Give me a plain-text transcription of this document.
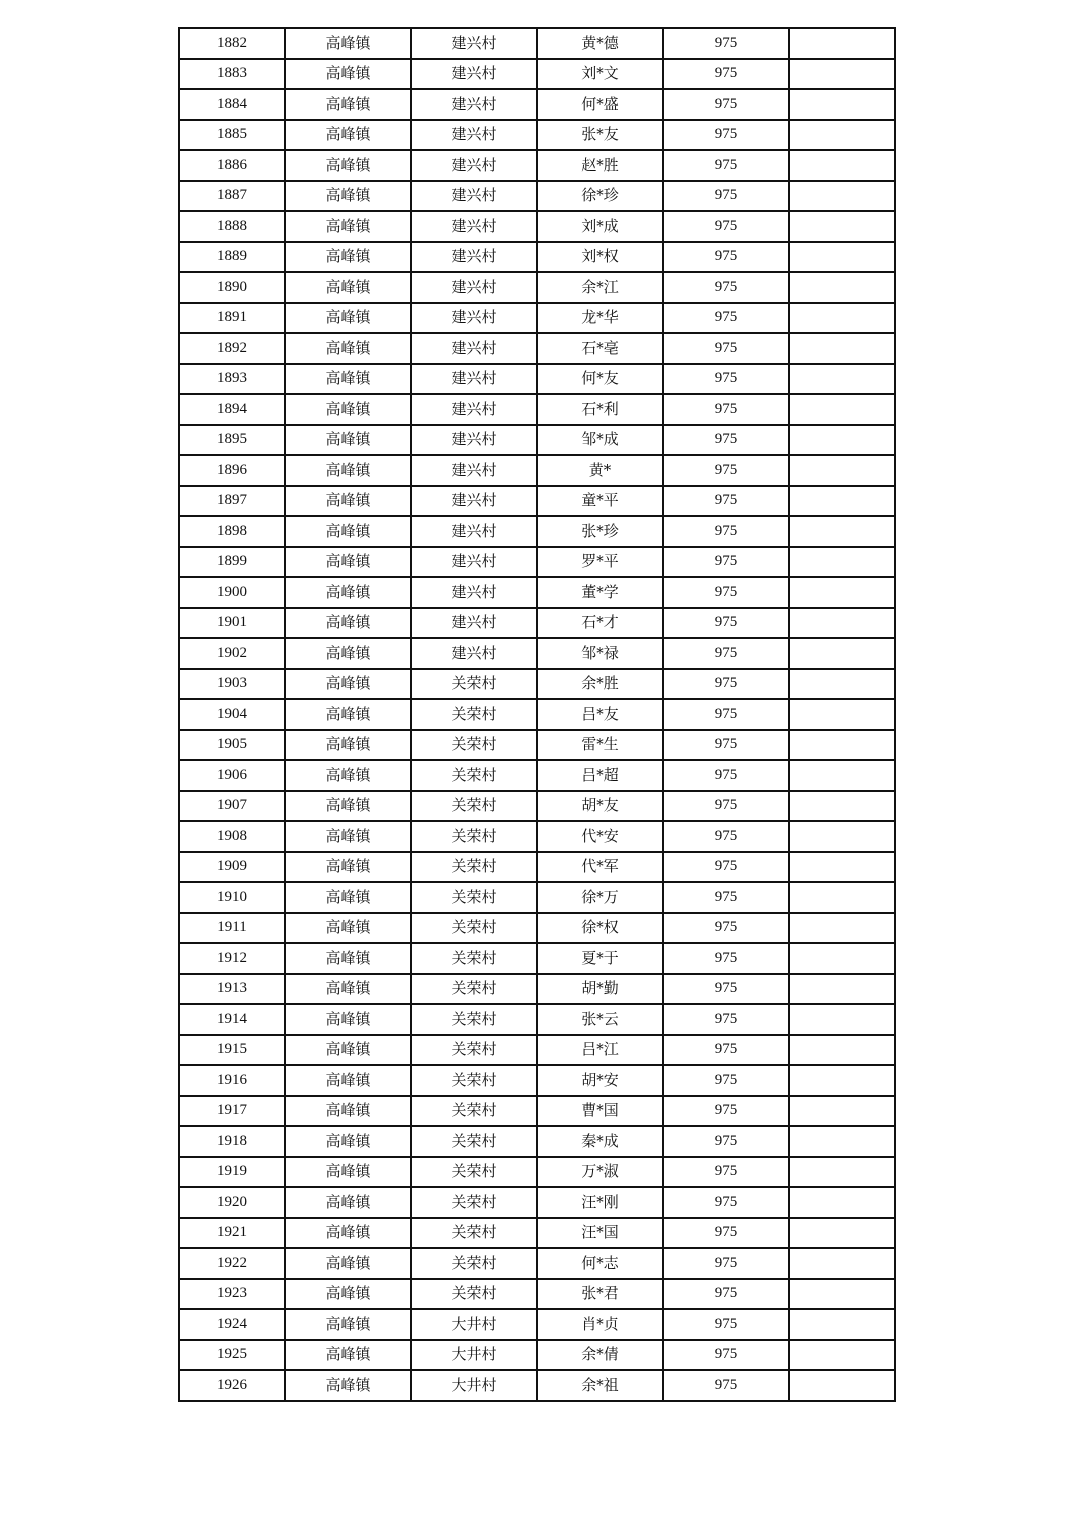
1882	高峰镇	建兴村	黄*德	975	
1883	高峰镇	建兴村	刘*文	975	
1884	高峰镇	建兴村	何*盛	975	
1885	高峰镇	建兴村	张*友	975	
1886	高峰镇	建兴村	赵*胜	975	
1887	高峰镇	建兴村	徐*珍	975	
1888	高峰镇	建兴村	刘*成	975	
1889	高峰镇	建兴村	刘*权	975	
1890	高峰镇	建兴村	余*江	975	
1891	高峰镇	建兴村	龙*华	975	
1892	高峰镇	建兴村	石*亳	975	
1893	高峰镇	建兴村	何*友	975	
1894	高峰镇	建兴村	石*利	975	
1895	高峰镇	建兴村	邹*成	975	
1896	高峰镇	建兴村	黄*	975	
1897	高峰镇	建兴村	童*平	975	
1898	高峰镇	建兴村	张*珍	975	
1899	高峰镇	建兴村	罗*平	975	
1900	高峰镇	建兴村	董*学	975	
1901	高峰镇	建兴村	石*才	975	
1902	高峰镇	建兴村	邹*禄	975	
1903	高峰镇	关荣村	余*胜	975	
1904	高峰镇	关荣村	吕*友	975	
1905	高峰镇	关荣村	雷*生	975	
1906	高峰镇	关荣村	吕*超	975	
1907	高峰镇	关荣村	胡*友	975	
1908	高峰镇	关荣村	代*安	975	
1909	高峰镇	关荣村	代*军	975	
1910	高峰镇	关荣村	徐*万	975	
1911	高峰镇	关荣村	徐*权	975	
1912	高峰镇	关荣村	夏*于	975	
1913	高峰镇	关荣村	胡*勤	975	
1914	高峰镇	关荣村	张*云	975	
1915	高峰镇	关荣村	吕*江	975	
1916	高峰镇	关荣村	胡*安	975	
1917	高峰镇	关荣村	曹*国	975	
1918	高峰镇	关荣村	秦*成	975	
1919	高峰镇	关荣村	万*淑	975	
1920	高峰镇	关荣村	汪*刚	975	
1921	高峰镇	关荣村	汪*国	975	
1922	高峰镇	关荣村	何*志	975	
1923	高峰镇	关荣村	张*君	975	
1924	高峰镇	大井村	肖*贞	975	
1925	高峰镇	大井村	余*倩	975	
1926	高峰镇	大井村	余*祖	975	
